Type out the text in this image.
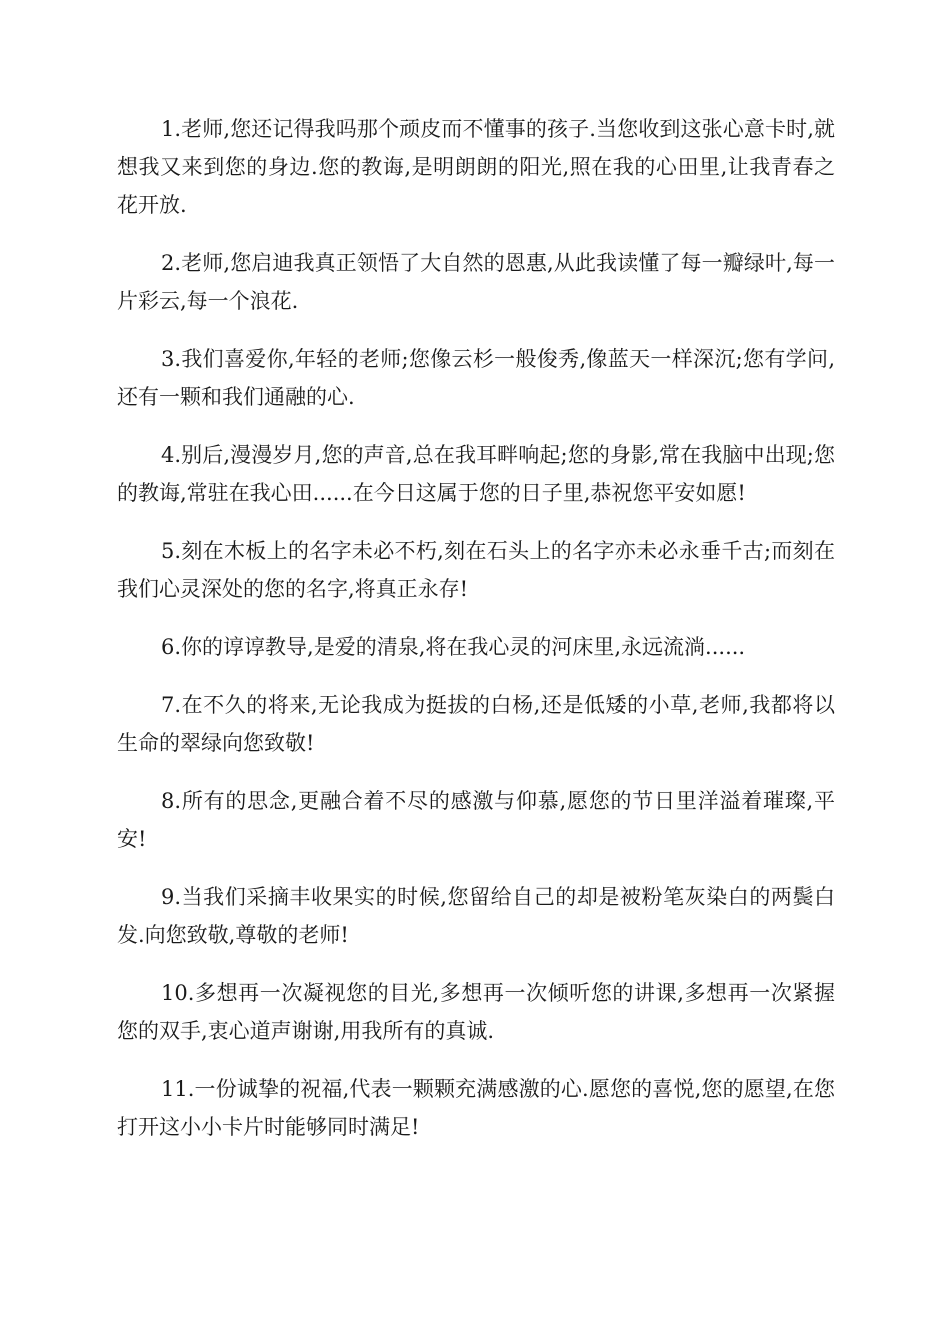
1.老师,您还记得我吗那个顽皮而不懂事的孩子.当您收到这张心意卡时,就想我又来到您的身边.您的教诲,是明朗朗的阳光,照在我的心田里,让我青春之花开放.

2.老师,您启迪我真正领悟了大自然的恩惠,从此我读懂了每一瓣绿叶,每一片彩云,每一个浪花.

3.我们喜爱你,年轻的老师;您像云杉一般俊秀,像蓝天一样深沉;您有学问,还有一颗和我们通融的心.

4.别后,漫漫岁月,您的声音,总在我耳畔响起;您的身影,常在我脑中出现;您的教诲,常驻在我心田......在今日这属于您的日子里,恭祝您平安如愿!

5.刻在木板上的名字未必不朽,刻在石头上的名字亦未必永垂千古;而刻在我们心灵深处的您的名字,将真正永存!

6.你的谆谆教导,是爱的清泉,将在我心灵的河床里,永远流淌......

7.在不久的将来,无论我成为挺拔的白杨,还是低矮的小草,老师,我都将以生命的翠绿向您致敬!

8.所有的思念,更融合着不尽的感激与仰慕,愿您的节日里洋溢着璀璨,平安!

9.当我们采摘丰收果实的时候,您留给自己的却是被粉笔灰染白的两鬓白发.向您致敬,尊敬的老师!

10.多想再一次凝视您的目光,多想再一次倾听您的讲课,多想再一次紧握您的双手,衷心道声谢谢,用我所有的真诚.

11.一份诚挚的祝福,代表一颗颗充满感激的心.愿您的喜悦,您的愿望,在您打开这小小卡片时能够同时满足!
